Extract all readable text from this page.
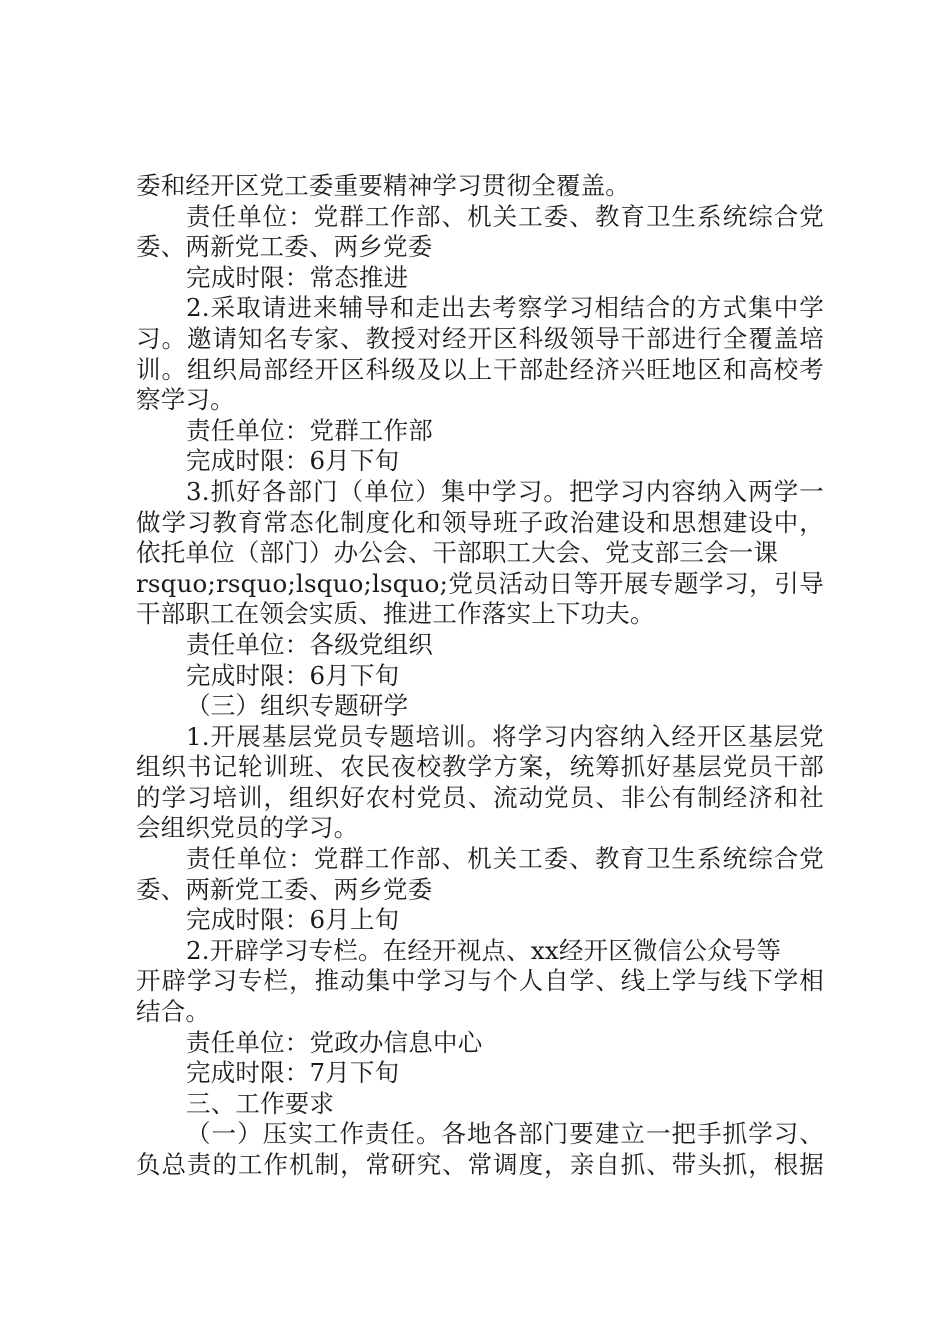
委和经开区党工委重要精神学习贯彻全覆盖。
责任单位：党群工作部、机关工委、教育卫生系统综合党
委、两新党工委、两乡党委
完成时限：常态推进
2.采取请进来辅导和走出去考察学习相结合的方式集中学
习。邀请知名专家、教授对经开区科级领导干部进行全覆盖培
训。组织局部经开区科级及以上干部赴经济兴旺地区和高校考
察学习。
责任单位：党群工作部
完成时限：6月下旬
3.抓好各部门（单位）集中学习。把学习内容纳入两学一
做学习教育常态化制度化和领导班子政治建设和思想建设中，
依托单位（部门）办公会、干部职工大会、党支部三会一课
rsquo;rsquo;lsquo;lsquo;党员活动日等开展专题学习，引导
干部职工在领会实质、推进工作落实上下功夫。
责任单位：各级党组织
完成时限：6月下旬
（三）组织专题研学
1.开展基层党员专题培训。将学习内容纳入经开区基层党
组织书记轮训班、农民夜校教学方案，统筹抓好基层党员干部
的学习培训，组织好农村党员、流动党员、非公有制经济和社
会组织党员的学习。
责任单位：党群工作部、机关工委、教育卫生系统综合党
委、两新党工委、两乡党委
完成时限：6月上旬
2.开辟学习专栏。在经开视点、xx经开区微信公众号等
开辟学习专栏，推动集中学习与个人自学、线上学与线下学相
结合。
责任单位：党政办信息中心
完成时限：7月下旬
三、工作要求
（一）压实工作责任。各地各部门要建立一把手抓学习、
负总责的工作机制，常研究、常调度，亲自抓、带头抓，根据
